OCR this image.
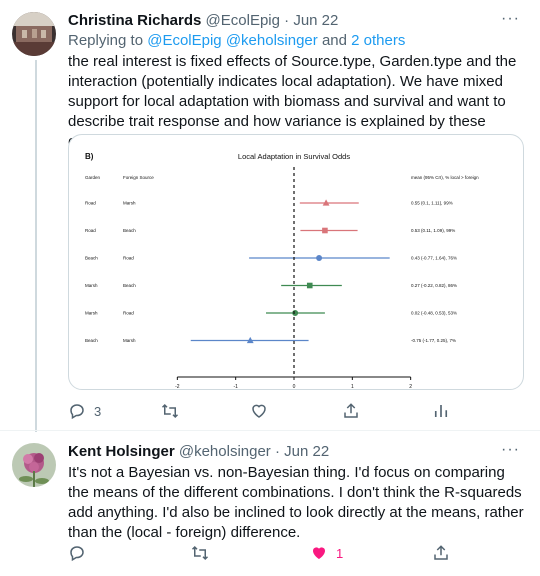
Christina Richards @EcolEpig · Jun 22	···
Replying to @EcolEpig @keholsinger and 2 others
the real interest is fixed effects of Source.type, Garden.type and the interaction (potentially indicates local adaptation). We have mixed support for local adaptation with biomass and survival and want to describe trait response and how variance is explained by these
B)	Local Adaptation in Survival Odds
Garden	Foreign Source	mean (95% CrI), % local > foreign
Road	Marsh	0.55 (0.1, 1.11), 99%
Road	Beach	0.53 (0.11, 1.09), 99%
Beach	Road	0.43 (-0.77, 1.64), 76%
Marsh	Beach	0.27 (-0.22, 0.82), 86%
Marsh	Road	0.02 (-0.48, 0.53), 53%
Beach	Marsh	-0.75 (-1.77, 0.25), 7%
-2	-1	0	1	2
3
Kent Holsinger @keholsinger · Jun 22	···
It's not a Bayesian vs. non-Bayesian thing. I'd focus on comparing the means of the different combinations. I don't think the R-squareds add anything. I'd also be inclined to look directly at the means, rather than the (local - foreign) difference.
1
